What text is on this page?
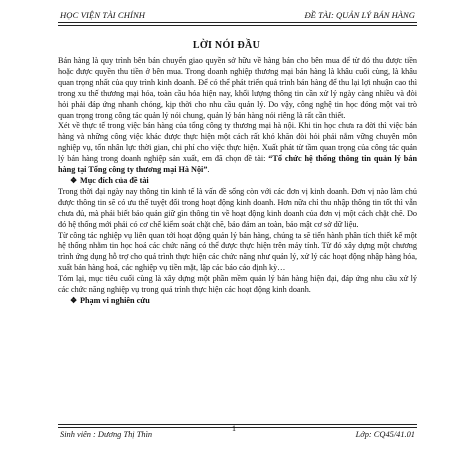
HỌC VIỆN TÀI CHÍNH	ĐỀ TÀI: QUẢN LÝ BÁN HÀNG
LỜI NÓI ĐẦU

Bán hàng là quy trình bên bán chuyển giao quyền sở hữu về hàng bán cho bên mua để từ đó thu được tiền hoặc được quyền thu tiền ở bên mua. Trong doanh nghiệp thương mại bán hàng là khâu cuối cùng, là khâu quan trọng nhất của quy trình kinh doanh. Để có thể phát triển quá trình bán hàng để thu lại lợi nhuận cao thì trong xu thế thương mại hóa, toàn cầu hóa hiện nay, khối lượng thông tin cần xử lý ngày càng nhiều và đòi hỏi phải đáp ứng nhanh chóng, kịp thời cho nhu cầu quản lý. Do vậy, công nghệ tin học đóng một vai trò quan trọng trong công tác quản lý nói chung, quản lý bán hàng nói riêng là rất cần thiết.

Xét về thực tế trong việc bán hàng của tổng công ty thương mại hà nội. Khi tin học chưa ra đời thì việc bán hàng và những công việc khác được thực hiện một cách rất khó khăn đòi hỏi phải nắm vững chuyên môn nghiệp vụ, tốn nhân lực thời gian, chi phí cho việc thực hiện. Xuất phát từ tầm quan trọng của công tác quản lý bán hàng trong doanh nghiệp sản xuất, em đã chọn đề tài: “Tổ chức hệ thống thông tin quản lý bán hàng tại Tổng công ty thương mại Hà Nội”.

❖ Mục đích của đề tài

Trong thời đại ngày nay thông tin kinh tế là vấn đề sống còn với các đơn vị kinh doanh. Đơn vị nào làm chủ được thông tin sẽ có ưu thế tuyệt đối trong hoạt động kinh doanh. Hơn nữa chỉ thu nhập thông tin tốt thì vẫn chưa đủ, mà phải biết bảo quản giữ gìn thông tin về hoạt động kinh doanh của đơn vị một cách chặt chẽ. Do đó hệ thống mới phải có cơ chế kiểm soát chặt chẽ, bảo đảm an toàn, bảo mật cơ sở dữ liệu.

Từ công tác nghiệp vụ liên quan tới hoạt động quản lý bán hàng, chúng ta sẽ tiến hành phân tích thiết kế một hệ thống nhằm tin học hoá các chức năng có thể được thực hiện trên máy tính. Từ đó xây dựng một chương trình ứng dụng hỗ trợ cho quá trình thực hiện các chức năng như quản lý, xử lý các hoạt động nhập hàng hóa, xuất bán hàng hoá, các nghiệp vụ tiền mặt, lập các báo cáo định kỳ…

Tóm lại, mục tiêu cuối cùng là xây dựng một phần mềm quản lý bán hàng hiện đại, đáp ứng nhu cầu xử lý các chức năng nghiệp vụ trong quá trình thực hiện các hoạt động kinh doanh.

❖ Phạm vi nghiên cứu

Sinh viên : Dương Thị Thìn
1
Lớp: CQ45/41.01
